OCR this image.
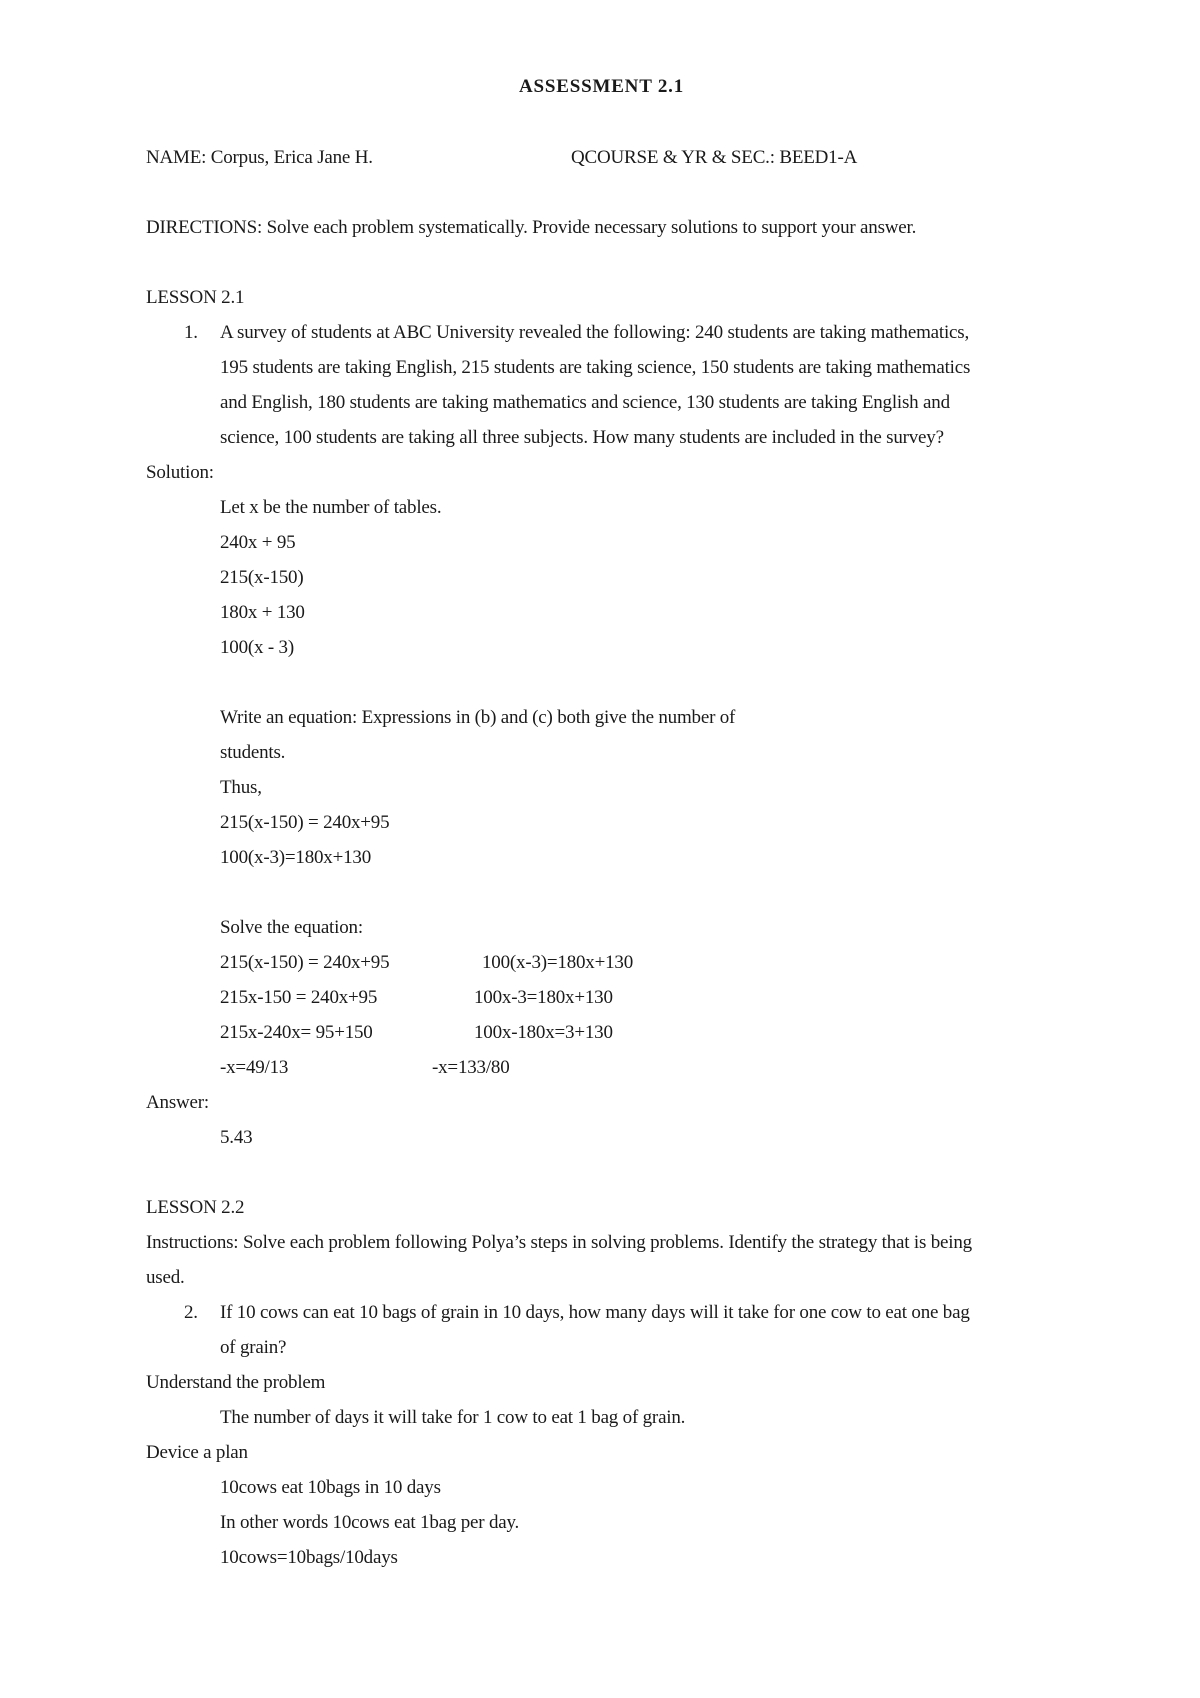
ASSESSMENT 2.1
NAME: Corpus, Erica Jane H.	QCOURSE & YR & SEC.: BEED1-A
DIRECTIONS: Solve each problem systematically. Provide necessary solutions to support your answer.
LESSON 2.1
1. A survey of students at ABC University revealed the following: 240 students are taking mathematics,
195 students are taking English, 215 students are taking science, 150 students are taking mathematics
and English, 180 students are taking mathematics and science, 130 students are taking English and
science, 100 students are taking all three subjects. How many students are included in the survey?
Solution:
Let x be the number of tables.
240x + 95
215(x-150)
180x + 130
100(x - 3)
Write an equation: Expressions in (b) and (c) both give the number of
students.
Thus,
215(x-150) = 240x+95
100(x-3)=180x+130
Solve the equation:
215(x-150) = 240x+95	100(x-3)=180x+130
215x-150 = 240x+95	100x-3=180x+130
215x-240x= 95+150	100x-180x=3+130
-x=49/13	-x=133/80
Answer:
5.43
LESSON 2.2
Instructions: Solve each problem following Polya’s steps in solving problems. Identify the strategy that is being
used.
2. If 10 cows can eat 10 bags of grain in 10 days, how many days will it take for one cow to eat one bag
of grain?
Understand the problem
The number of days it will take for 1 cow to eat 1 bag of grain.
Device a plan
10cows eat 10bags in 10 days
In other words 10cows eat 1bag per day.
10cows=10bags/10days
